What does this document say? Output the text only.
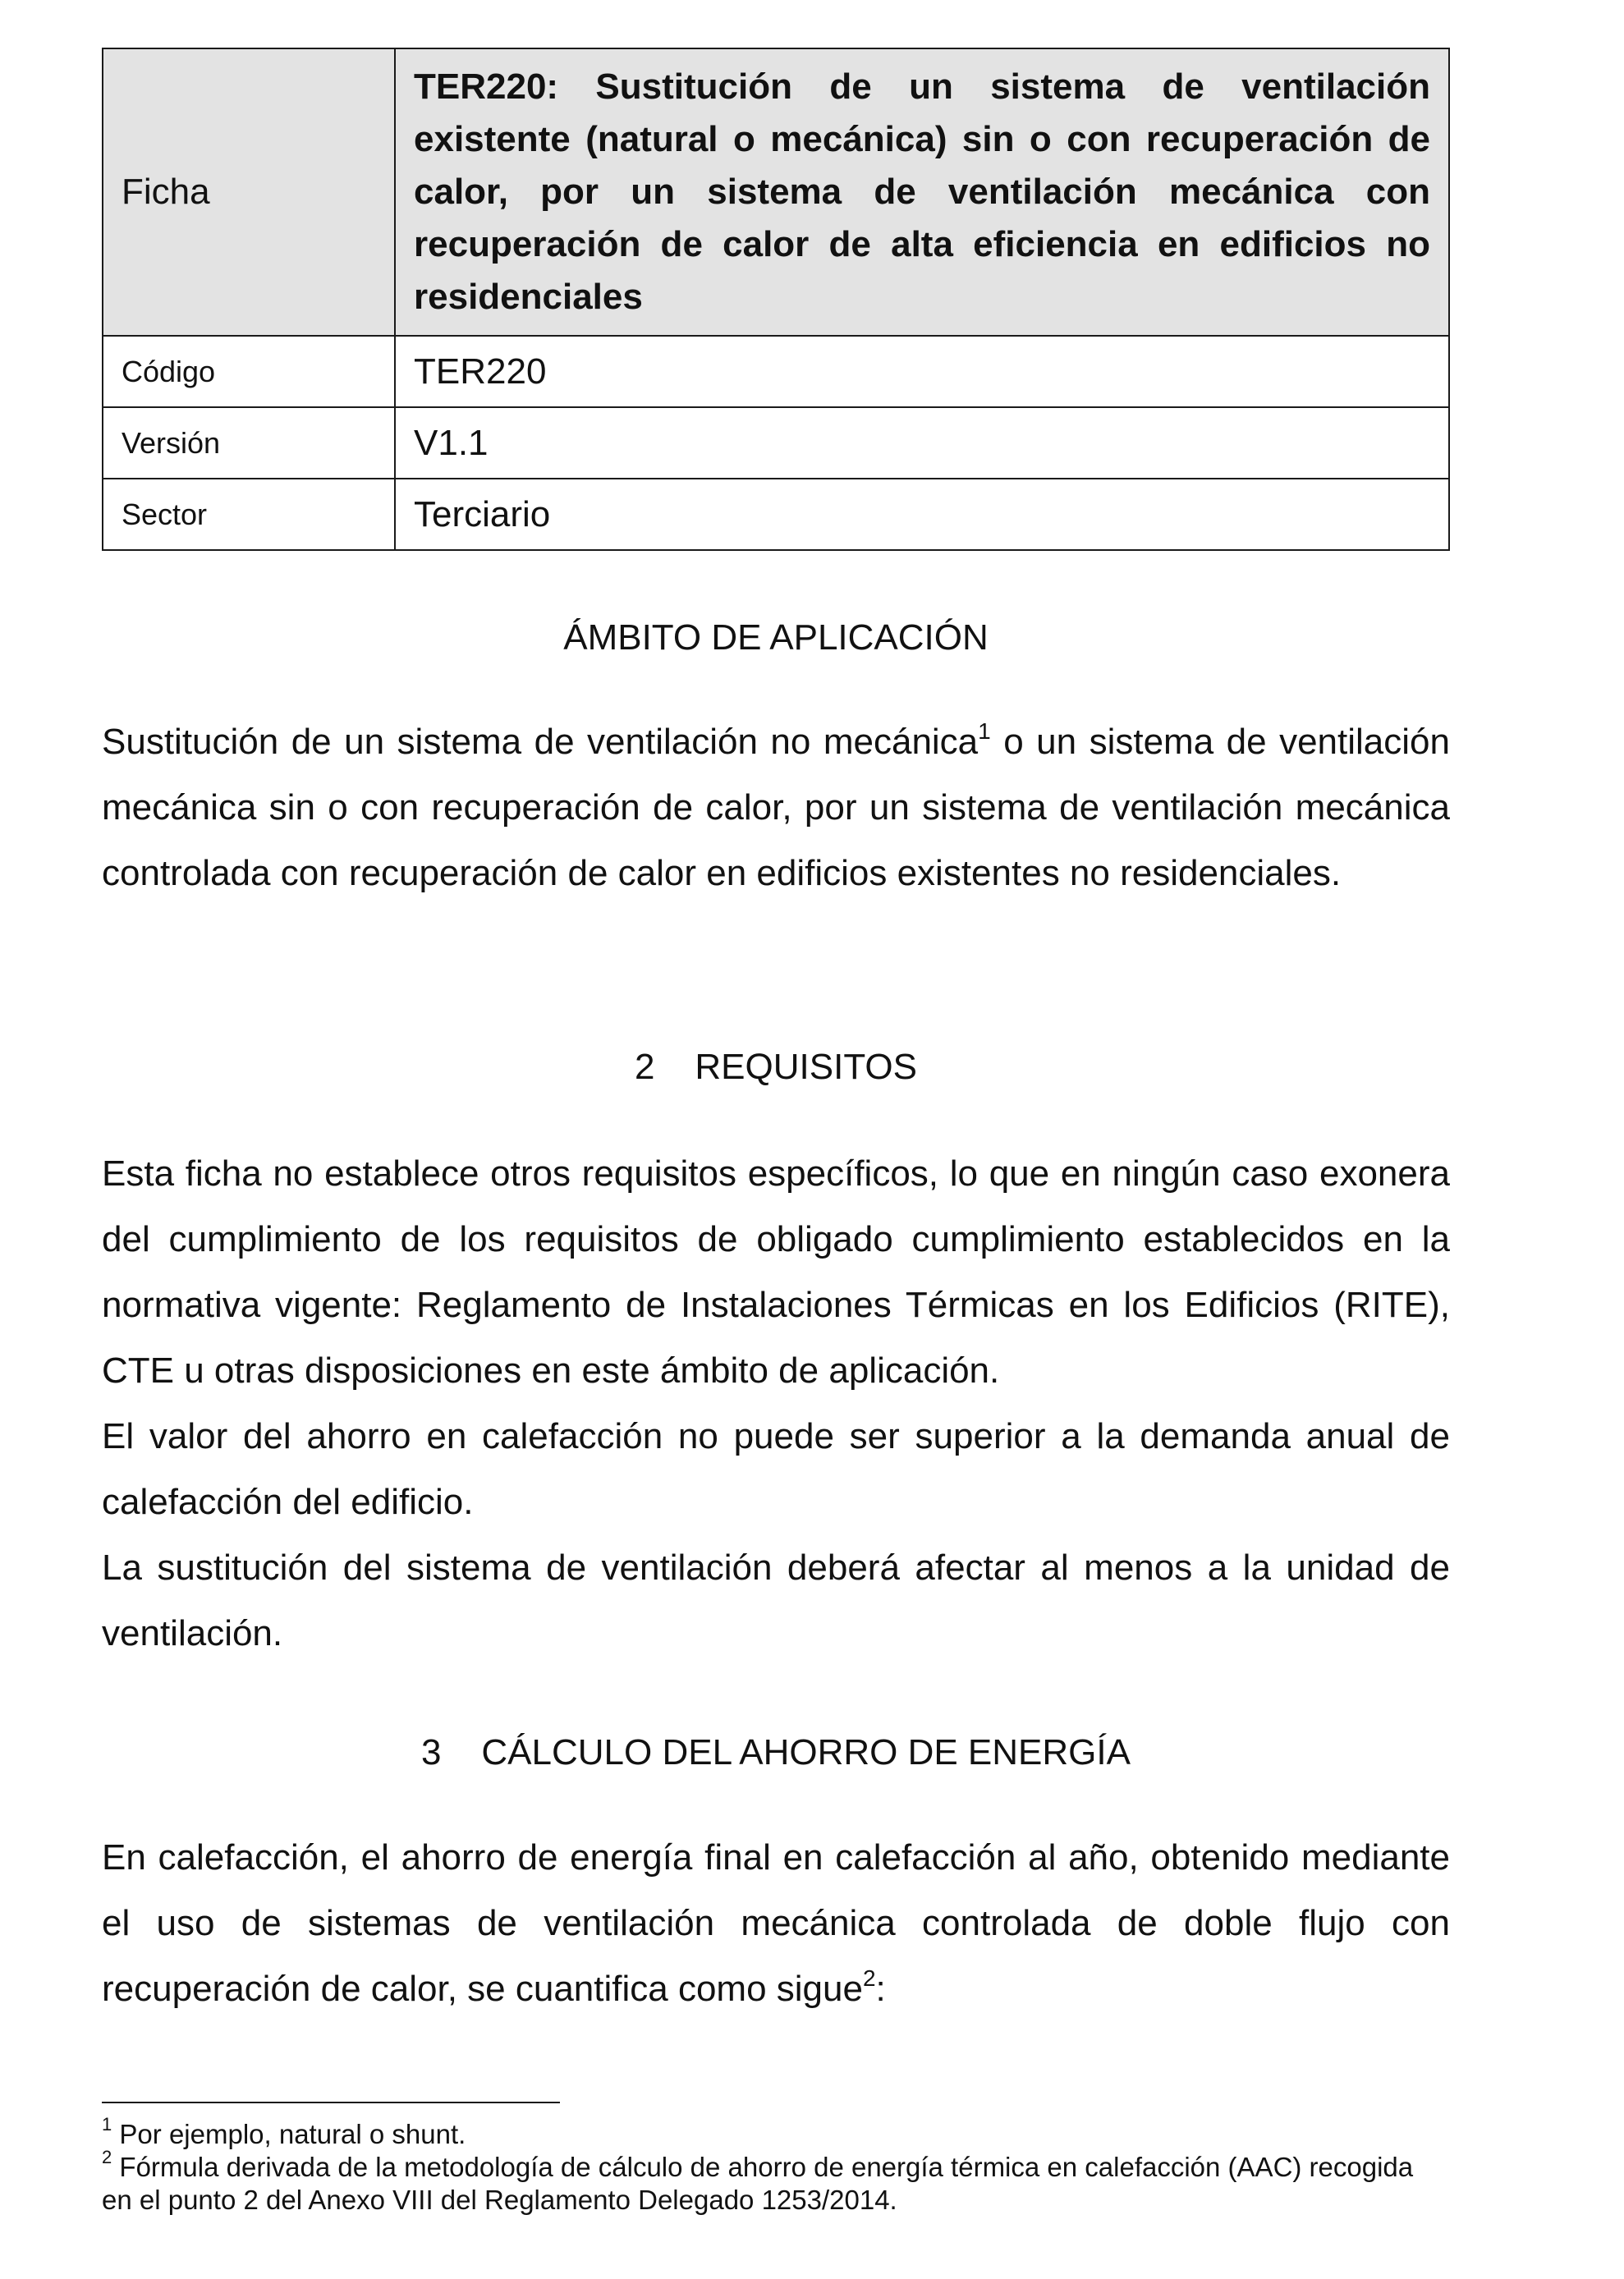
Ficha	TER220: Sustitución de un sistema de ventilación existente (natural o mecánica) sin o con recuperación de calor, por un sistema de ventilación mecánica con recuperación de calor de alta eficiencia en edificios no residenciales
Código	TER220
Versión	V1.1
Sector	Terciario
ÁMBITO DE APLICACIÓN

Sustitución de un sistema de ventilación no mecánica$^1$ o un sistema de ventilación mecánica sin o con recuperación de calor, por un sistema de ventilación mecánica controlada con recuperación de calor en edificios existentes no residenciales.

2 REQUISITOS

Esta ficha no establece otros requisitos específicos, lo que en ningún caso exonera del cumplimiento de los requisitos de obligado cumplimiento establecidos en la normativa vigente: Reglamento de Instalaciones Térmicas en los Edificios (RITE), CTE u otras disposiciones en este ámbito de aplicación.

El valor del ahorro en calefacción no puede ser superior a la demanda anual de calefacción del edificio.

La sustitución del sistema de ventilación deberá afectar al menos a la unidad de ventilación.

3 CÁLCULO DEL AHORRO DE ENERGÍA

En calefacción, el ahorro de energía final en calefacción al año, obtenido mediante el uso de sistemas de ventilación mecánica controlada de doble flujo con recuperación de calor, se cuantifica como sigue$^2$:

$^1$ Por ejemplo, natural o shunt.

$^2$ Fórmula derivada de la metodología de cálculo de ahorro de energía térmica en calefacción (AAC) recogida en el punto 2 del Anexo VIII del Reglamento Delegado 1253/2014.
